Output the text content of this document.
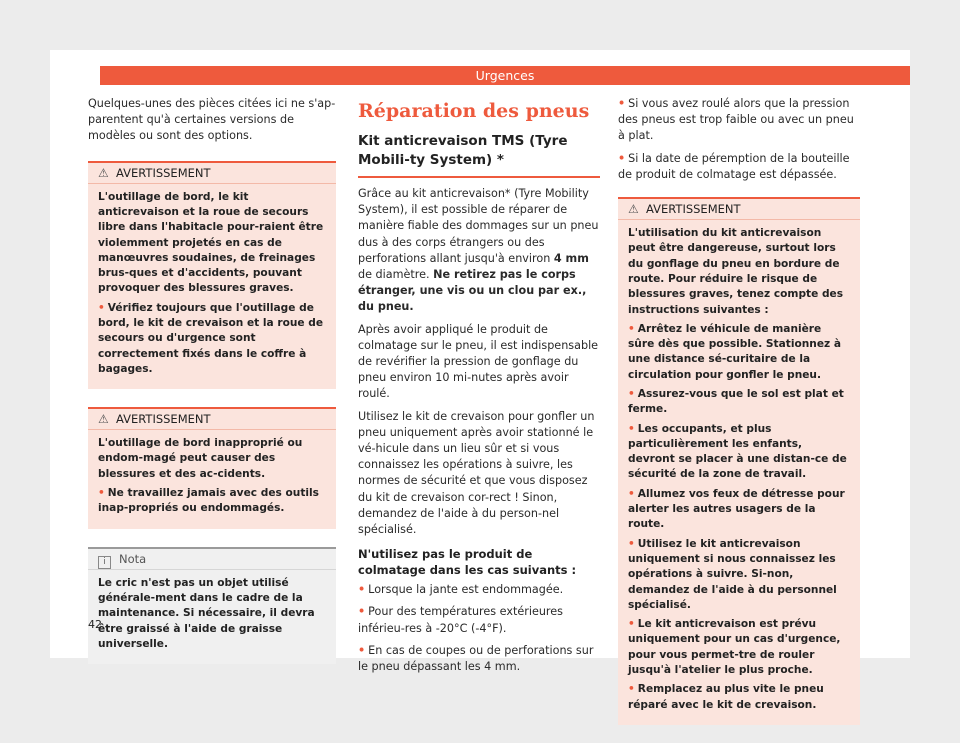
Urgences

Quelques-unes des pièces citées ici ne s'ap-parentent qu'à certaines versions de modèles ou sont des options.

⚠ AVERTISSEMENT
L'outillage de bord, le kit anticrevaison et la roue de secours libre dans l'habitacle pour-raient être violemment projetés en cas de manœuvres soudaines, de freinages brus-ques et d'accidents, pouvant provoquer des blessures graves.
• Vérifiez toujours que l'outillage de bord, le kit de crevaison et la roue de secours ou d'urgence sont correctement fixés dans le coffre à bagages.
⚠ AVERTISSEMENT
L'outillage de bord inapproprié ou endom-magé peut causer des blessures et des ac-cidents.
• Ne travaillez jamais avec des outils inap-propriés ou endommagés.
i Nota
Le cric n'est pas un objet utilisé générale-ment dans le cadre de la maintenance. Si nécessaire, il devra être graissé à l'aide de graisse universelle.
Réparation des pneus
Kit anticrevaison TMS (Tyre Mobili-ty System) *

Grâce au kit anticrevaison* (Tyre Mobility System), il est possible de réparer de manière fiable des dommages sur un pneu dus à des corps étrangers ou des perforations allant jusqu'à environ 4 mm de diamètre. Ne retirez pas le corps étranger, une vis ou un clou par ex., du pneu.

Après avoir appliqué le produit de colmatage sur le pneu, il est indispensable de revérifier la pression de gonflage du pneu environ 10 mi-nutes après avoir roulé.

Utilisez le kit de crevaison pour gonfler un pneu uniquement après avoir stationné le vé-hicule dans un lieu sûr et si vous connaissez les opérations à suivre, les normes de sécurité et que vous disposez du kit de crevaison cor-rect ! Sinon, demandez de l'aide à du person-nel spécialisé.

N'utilisez pas le produit de colmatage dans les cas suivants :

• Lorsque la jante est endommagée.

• Pour des températures extérieures inférieu-res à -20°C (-4°F).

• En cas de coupes ou de perforations sur le pneu dépassant les 4 mm.

• Si vous avez roulé alors que la pression des pneus est trop faible ou avec un pneu à plat.

• Si la date de péremption de la bouteille de produit de colmatage est dépassée.

⚠ AVERTISSEMENT
L'utilisation du kit anticrevaison peut être dangereuse, surtout lors du gonflage du pneu en bordure de route. Pour réduire le risque de blessures graves, tenez compte des instructions suivantes :
• Arrêtez le véhicule de manière sûre dès que possible. Stationnez à une distance sé-curitaire de la circulation pour gonfler le pneu.
• Assurez-vous que le sol est plat et ferme.
• Les occupants, et plus particulièrement les enfants, devront se placer à une distan-ce de sécurité de la zone de travail.
• Allumez vos feux de détresse pour alerter les autres usagers de la route.
• Utilisez le kit anticrevaison uniquement si nous connaissez les opérations à suivre. Si-non, demandez de l'aide à du personnel spécialisé.
• Le kit anticrevaison est prévu uniquement pour un cas d'urgence, pour vous permet-tre de rouler jusqu'à l'atelier le plus proche.
• Remplacez au plus vite le pneu réparé avec le kit de crevaison.
42
